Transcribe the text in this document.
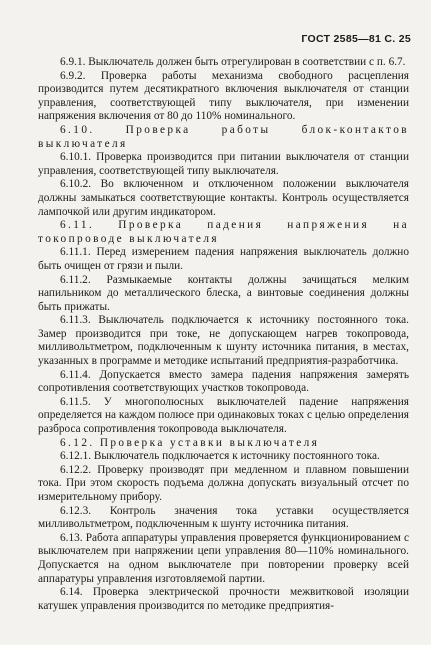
ГОСТ 2585—81 С. 25

6.9.1. Выключатель должен быть отрегулирован в соответствии с п. 6.7.

6.9.2. Проверка работы механизма свободного расцепления производится путем десятикратного включения выключателя от станции управления, соответствующей типу выключателя, при изменении напряжения включения от 80 до 110% номинального.

6.10. Проверка работы блок-контактов выключателя

6.10.1. Проверка производится при питании выключателя от станции управления, соответствующей типу выключателя.

6.10.2. Во включенном и отключенном положении выключателя должны замыкаться соответствующие контакты. Контроль осуществляется лампочкой или другим индикатором.

6.11. Проверка падения напряжения на токопроводе выключателя

6.11.1. Перед измерением падения напряжения выключатель должно быть очищен от грязи и пыли.

6.11.2. Размыкаемые контакты должны зачищаться мелким напильником до металлического блеска, а винтовые соединения должны быть прижаты.

6.11.3. Выключатель подключается к источнику постоянного тока. Замер производится при токе, не допускающем нагрев токопровода, милливольтметром, подключенным к шунту источника питания, в местах, указанных в программе и методике испытаний предприятия-разработчика.

6.11.4. Допускается вместо замера падения напряжения замерять сопротивления соответствующих участков токопровода.

6.11.5. У многополюсных выключателей падение напряжения определяется на каждом полюсе при одинаковых токах с целью определения разброса сопротивления токопровода выключателя.

6.12. Проверка уставки выключателя

6.12.1. Выключатель подключается к источнику постоянного тока.

6.12.2. Проверку производят при медленном и плавном повышении тока. При этом скорость подъема должна допускать визуальный отсчет по измерительному прибору.

6.12.3. Контроль значения тока уставки осуществляется милливольтметром, подключенным к шунту источника питания.

6.13. Работа аппаратуры управления проверяется функционированием с выключателем при напряжении цепи управления 80—110% номинального. Допускается на одном выключателе при повторении проверку всей аппаратуры управления изготовляемой партии.

6.14. Проверка электрической прочности межвитковой изоляции катушек управления производится по методике предприятия-
